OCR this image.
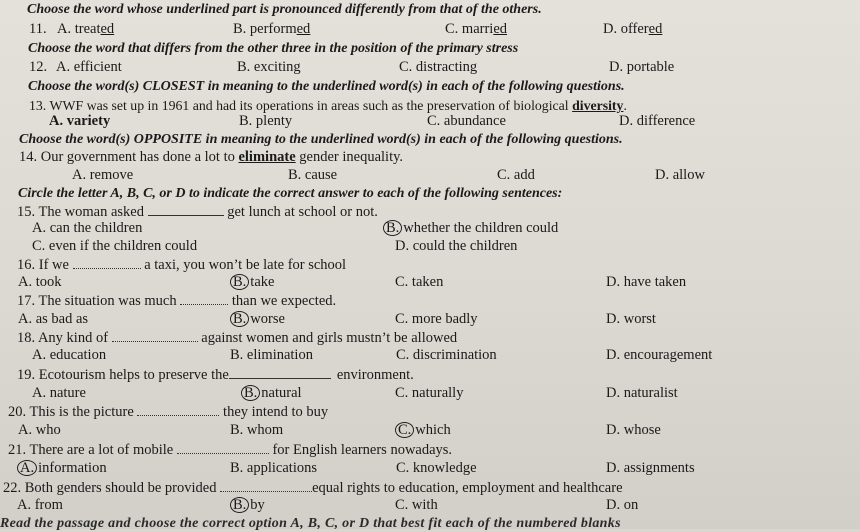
Choose the word whose underlined part is pronounced differently from that of the others.
11. A. treated	B. performed	C. married	D. offered
Choose the word that differs from the other three in the position of the primary stress
12. A. efficient	B. exciting	C. distracting	D. portable
Choose the word(s) CLOSEST in meaning to the underlined word(s) in each of the following questions.
13. WWF was set up in 1961 and had its operations in areas such as the preservation of biological diversity.
A. variety	B. plenty	C. abundance	D. difference
Choose the word(s) OPPOSITE in meaning to the underlined word(s) in each of the following questions.
14. Our government has done a lot to eliminate gender inequality.
A. remove	B. cause	C. add	D. allow
Circle the letter A, B, C, or D to indicate the correct answer to each of the following sentences:
15. The woman asked	get lunch at school or not.
A. can the children	B. whether the children could
C. even if the children could	D. could the children
16. If we	a taxi, you won’t be late for school
A. took	B. take	C. taken	D. have taken
17. The situation was much	than we expected.
A. as bad as	B. worse	C. more badly	D. worst
18. Any kind of	against women and girls mustn’t be allowed
A. education	B. elimination	C. discrimination	D. encouragement
19. Ecotourism helps to preserve the	environment.
A. nature	B. natural	C. naturally	D. naturalist
20. This is the picture	they intend to buy
A. who	B. whom	C. which	D. whose
21. There are a lot of mobile	for English learners nowadays.
A. information	B. applications	C. knowledge	D. assignments
22. Both genders should be provided	equal rights to education, employment and healthcare
A. from	B. by	C. with	D. on
Read the passage and choose the correct option A, B, C, or D that best fit each of the numbered blanks
